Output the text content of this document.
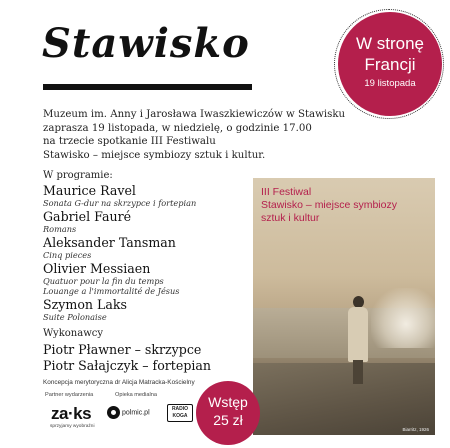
Stawisko	W stronę
Francji
19 listopada
Muzeum im. Anny i Jarosława Iwaszkiewiczów w Stawisku
zaprasza 19 listopada, w niedzielę, o godzinie 17.00
na trzecie spotkanie III Festiwalu
Stawisko – miejsce symbiozy sztuk i kultur.
W programie:
Maurice Ravel
Sonata G-dur na skrzypce i fortepian
Gabriel Fauré
Romans
Aleksander Tansman
Cinq pieces
Olivier Messiaen
Quatuor pour la fin du temps
Louange a l'immortalité de Jésus
Szymon Laks
Suite Polonaise
Wykonawcy
Piotr Pławner – skrzypce
Piotr Sałajczyk – fortepian
Koncepcja merytoryczna dr Alicja Matracka-Kościelny
Partner wydarzenia	Opieka medialna
za·ks
sprzyjamy wyobraźni
polmic.pl
RADIO KOGA
III Festiwal
Stawisko – miejsce symbiozy
sztuk i kultur
Biarritz, 1926
Wstęp
25 zł
